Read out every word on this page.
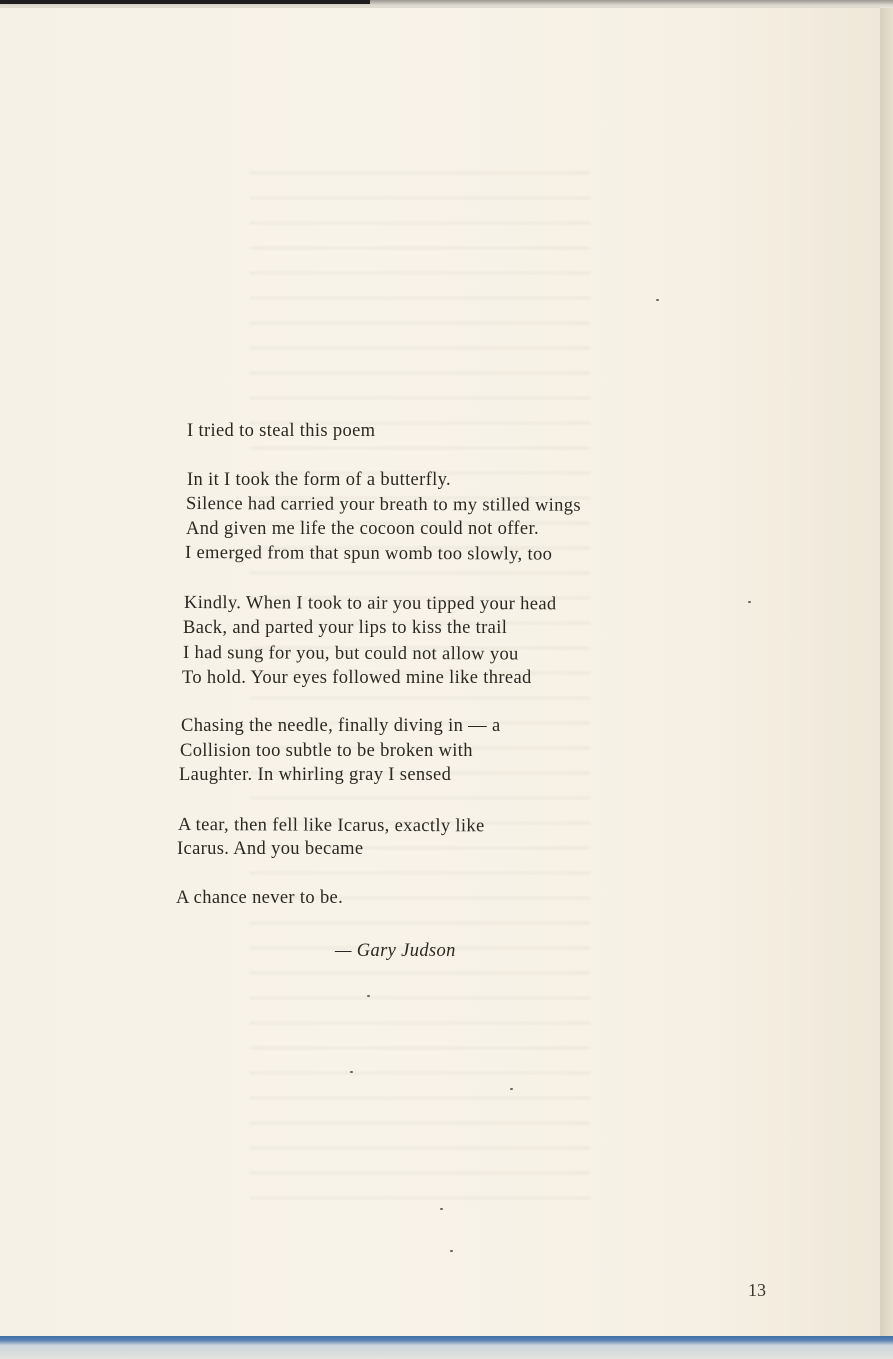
I tried to steal this poem
In it I took the form of a butterfly.
Silence had carried your breath to my stilled wings
And given me life the cocoon could not offer.
I emerged from that spun womb too slowly, too
Kindly. When I took to air you tipped your head
Back, and parted your lips to kiss the trail
I had sung for you, but could not allow you
To hold. Your eyes followed mine like thread
Chasing the needle, finally diving in — a
Collision too subtle to be broken with
Laughter. In whirling gray I sensed
A tear, then fell like Icarus, exactly like
Icarus. And you became
A chance never to be.
— Gary Judson
13
